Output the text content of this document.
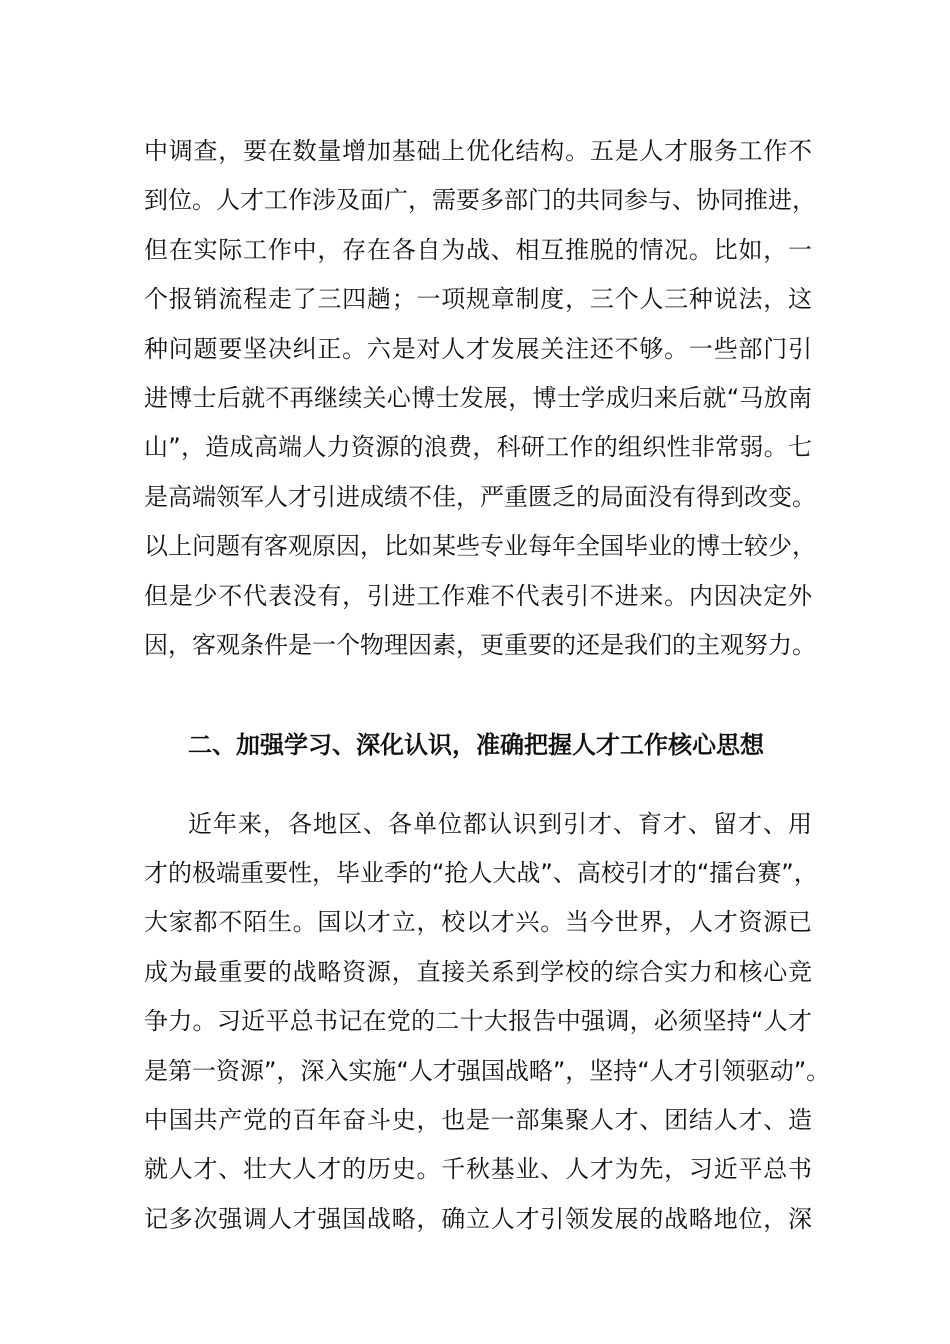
中调查，要在数量增加基础上优化结构。五是人才服务工作不
到位。人才工作涉及面广，需要多部门的共同参与、协同推进，
但在实际工作中，存在各自为战、相互推脱的情况。比如，一
个报销流程走了三四趟；一项规章制度，三个人三种说法，这
种问题要坚决纠正。六是对人才发展关注还不够。一些部门引
进博士后就不再继续关心博士发展，博士学成归来后就“马放南
山”，造成高端人力资源的浪费，科研工作的组织性非常弱。七
是高端领军人才引进成绩不佳，严重匮乏的局面没有得到改变。
以上问题有客观原因，比如某些专业每年全国毕业的博士较少，
但是少不代表没有，引进工作难不代表引不进来。内因决定外
因，客观条件是一个物理因素，更重要的还是我们的主观努力。
二、加强学习、深化认识，准确把握人才工作核心思想
近年来，各地区、各单位都认识到引才、育才、留才、用
才的极端重要性，毕业季的“抢人大战”、高校引才的“擂台赛”，
大家都不陌生。国以才立，校以才兴。当今世界，人才资源已
成为最重要的战略资源，直接关系到学校的综合实力和核心竞
争力。习近平总书记在党的二十大报告中强调，必须坚持“人才
是第一资源”，深入实施“人才强国战略”，坚持“人才引领驱动”。
中国共产党的百年奋斗史，也是一部集聚人才、团结人才、造
就人才、壮大人才的历史。千秋基业、人才为先，习近平总书
记多次强调人才强国战略，确立人才引领发展的战略地位，深
